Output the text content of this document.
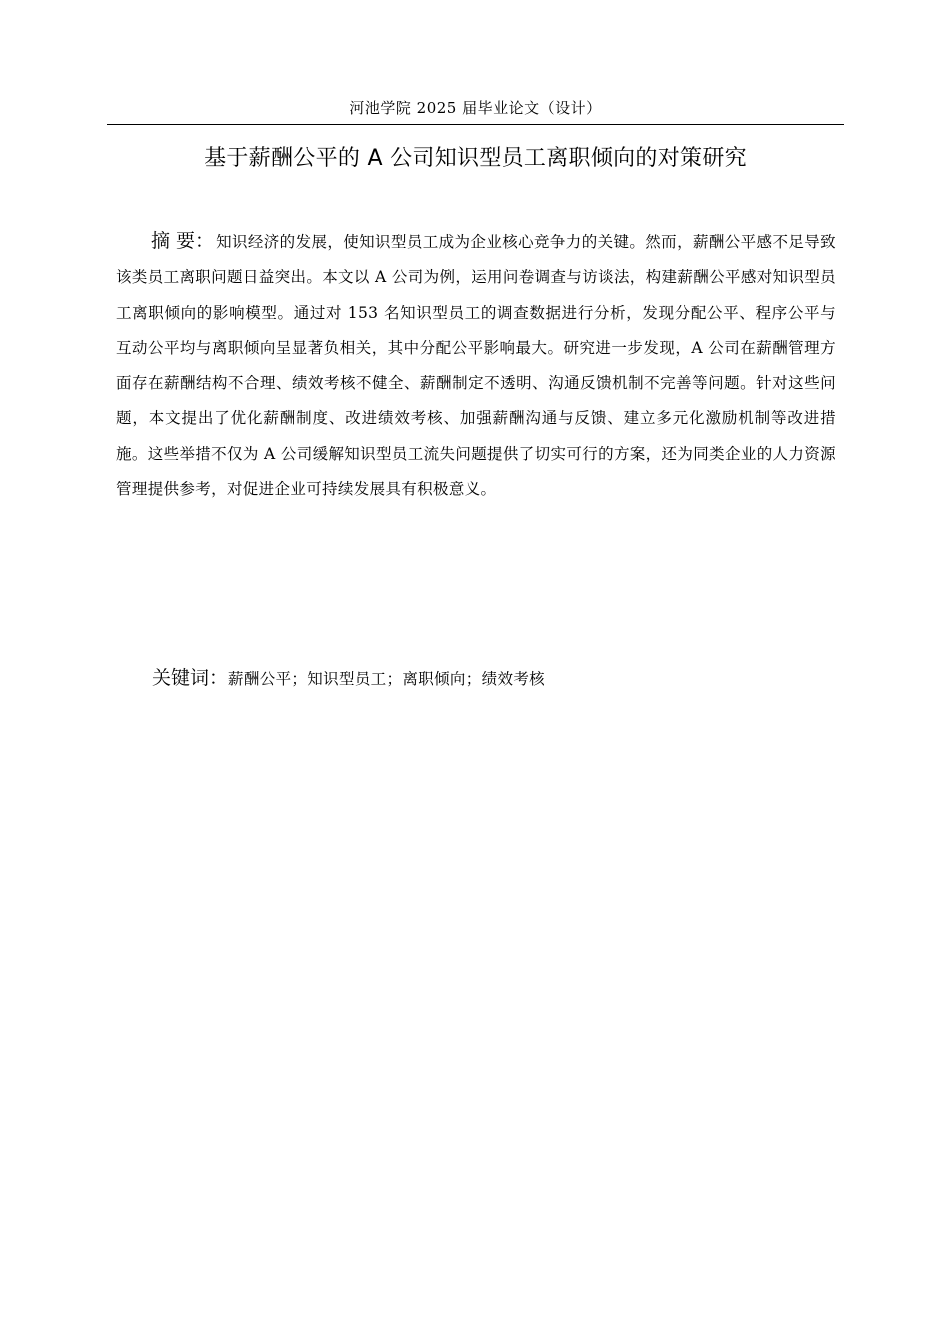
河池学院 2025 届毕业论文（设计）
基于薪酬公平的 A 公司知识型员工离职倾向的对策研究

摘 要： 知识经济的发展，使知识型员工成为企业核心竞争力的关键。然而，薪酬公平感不足导致该类员工离职问题日益突出。本文以 A 公司为例，运用问卷调查与访谈法，构建薪酬公平感对知识型员工离职倾向的影响模型。通过对 153 名知识型员工的调查数据进行分析，发现分配公平、程序公平与互动公平均与离职倾向呈显著负相关，其中分配公平影响最大。研究进一步发现，A 公司在薪酬管理方面存在薪酬结构不合理、绩效考核不健全、薪酬制定不透明、沟通反馈机制不完善等问题。针对这些问题，本文提出了优化薪酬制度、改进绩效考核、加强薪酬沟通与反馈、建立多元化激励机制等改进措施。这些举措不仅为 A 公司缓解知识型员工流失问题提供了切实可行的方案，还为同类企业的人力资源管理提供参考，对促进企业可持续发展具有积极意义。

关键词：薪酬公平；知识型员工；离职倾向；绩效考核
